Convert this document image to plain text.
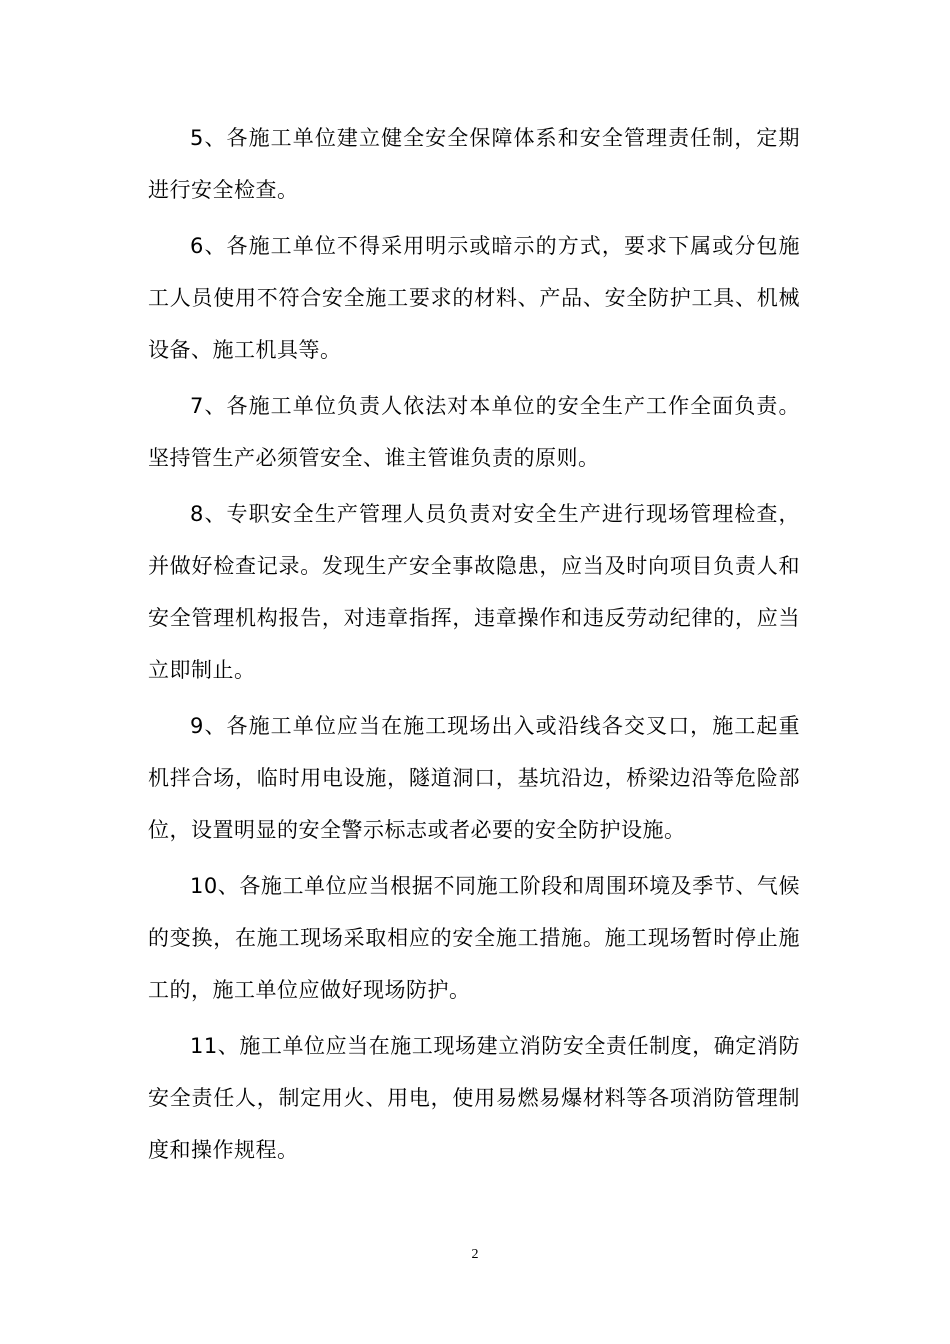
5、各施工单位建立健全安全保障体系和安全管理责任制，定期进行安全检查。

6、各施工单位不得采用明示或暗示的方式，要求下属或分包施工人员使用不符合安全施工要求的材料、产品、安全防护工具、机械设备、施工机具等。

7、各施工单位负责人依法对本单位的安全生产工作全面负责。坚持管生产必须管安全、谁主管谁负责的原则。

8、专职安全生产管理人员负责对安全生产进行现场管理检查，并做好检查记录。发现生产安全事故隐患，应当及时向项目负责人和安全管理机构报告，对违章指挥，违章操作和违反劳动纪律的，应当立即制止。

9、各施工单位应当在施工现场出入或沿线各交叉口，施工起重机拌合场，临时用电设施，隧道洞口，基坑沿边，桥梁边沿等危险部位，设置明显的安全警示标志或者必要的安全防护设施。

10、各施工单位应当根据不同施工阶段和周围环境及季节、气候的变换，在施工现场采取相应的安全施工措施。施工现场暂时停止施工的，施工单位应做好现场防护。

11、施工单位应当在施工现场建立消防安全责任制度，确定消防安全责任人，制定用火、用电，使用易燃易爆材料等各项消防管理制度和操作规程。

2
